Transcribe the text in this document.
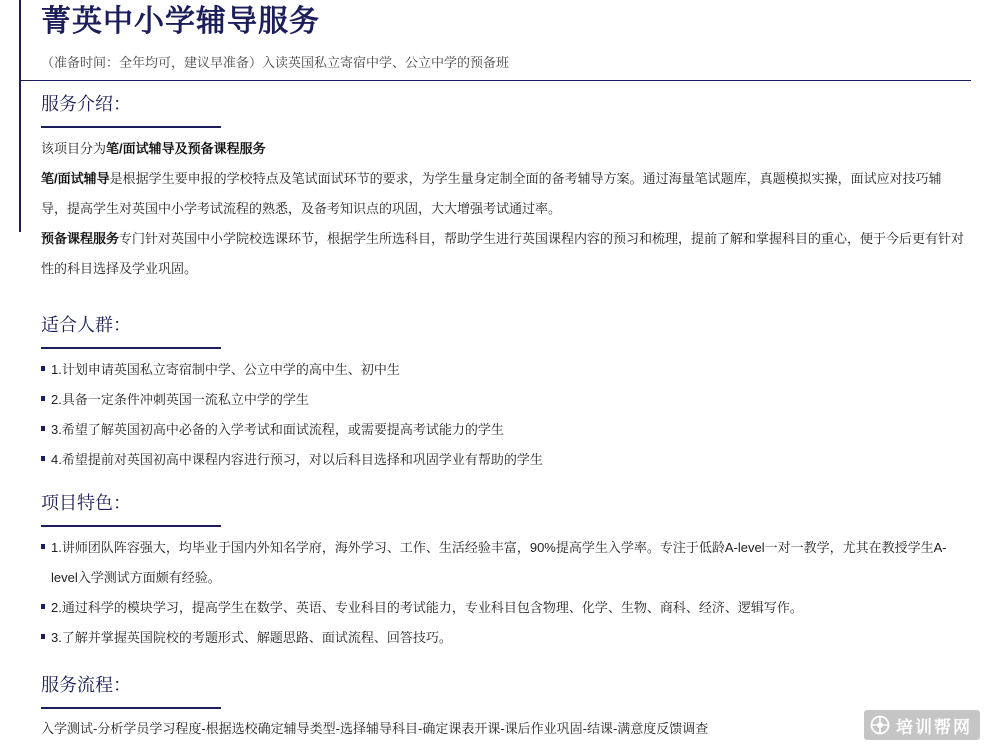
菁英中小学辅导服务
（准备时间：全年均可，建议早准备）入读英国私立寄宿中学、公立中学的预备班
服务介绍：
该项目分为笔/面试辅导及预备课程服务
笔/面试辅导是根据学生要申报的学校特点及笔试面试环节的要求，为学生量身定制全面的备考辅导方案。通过海量笔试题库，真题模拟实操，面试应对技巧辅导，提高学生对英国中小学考试流程的熟悉，及备考知识点的巩固，大大增强考试通过率。
预备课程服务专门针对英国中小学院校选课环节，根据学生所选科目，帮助学生进行英国课程内容的预习和梳理，提前了解和掌握科目的重心，便于今后更有针对性的科目选择及学业巩固。
适合人群：
1.计划申请英国私立寄宿制中学、公立中学的高中生、初中生
2.具备一定条件冲刺英国一流私立中学的学生
3.希望了解英国初高中必备的入学考试和面试流程，或需要提高考试能力的学生
4.希望提前对英国初高中课程内容进行预习，对以后科目选择和巩固学业有帮助的学生
项目特色：
1.讲师团队阵容强大，均毕业于国内外知名学府，海外学习、工作、生活经验丰富，90%提高学生入学率。专注于低龄A-level一对一教学，尤其在教授学生A-level入学测试方面颇有经验。
2.通过科学的模块学习，提高学生在数学、英语、专业科目的考试能力，专业科目包含物理、化学、生物、商科、经济、逻辑写作。
3.了解并掌握英国院校的考题形式、解题思路、面试流程、回答技巧。
服务流程：
入学测试-分析学员学习程度-根据选校确定辅导类型-选择辅导科目-确定课表开课-课后作业巩固-结课-满意度反馈调查	培训帮网
